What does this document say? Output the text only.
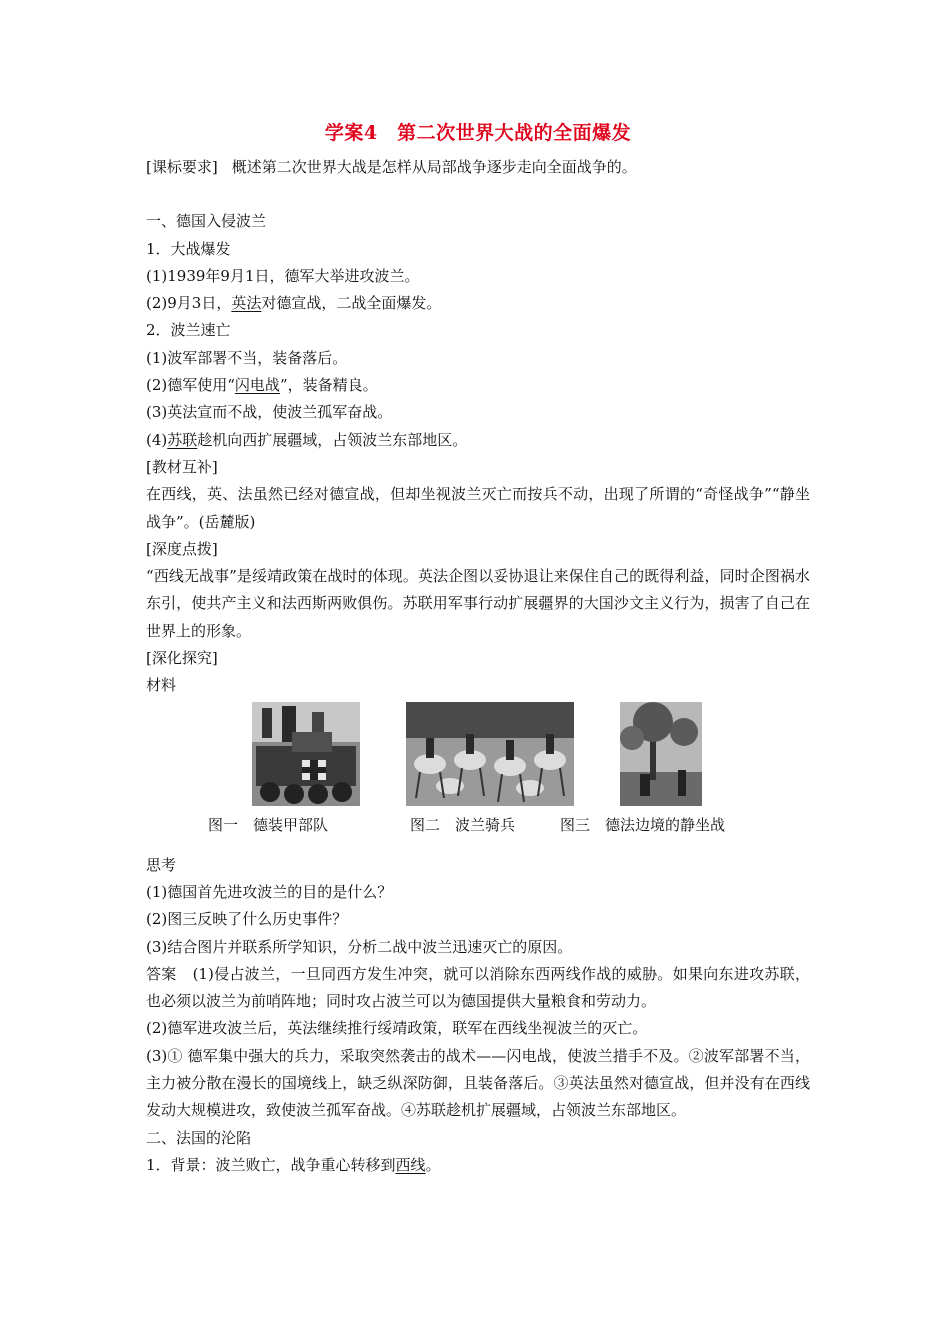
学案4　第二次世界大战的全面爆发
[课标要求] 概述第二次世界大战是怎样从局部战争逐步走向全面战争的。
一、德国入侵波兰
1．大战爆发
(1)1939年9月1日，德军大举进攻波兰。
(2)9月3日，英法对德宣战，二战全面爆发。
2．波兰速亡
(1)波军部署不当，装备落后。
(2)德军使用“闪电战”，装备精良。
(3)英法宣而不战，使波兰孤军奋战。
(4)苏联趁机向西扩展疆域，占领波兰东部地区。
[教材互补]
在西线，英、法虽然已经对德宣战，但却坐视波兰灭亡而按兵不动，出现了所谓的“奇怪战争”“静坐战争”。(岳麓版)
[深度点拨]
“西线无战事”是绥靖政策在战时的体现。英法企图以妥协退让来保住自己的既得利益，同时企图祸水东引，使共产主义和法西斯两败俱伤。苏联用军事行动扩展疆界的大国沙文主义行为，损害了自己在世界上的形象。
[深化探究]
材料
图一　德装甲部队	图二　波兰骑兵	图三　德法边境的静坐战
思考
(1)德国首先进攻波兰的目的是什么？
(2)图三反映了什么历史事件？
(3)结合图片并联系所学知识，分析二战中波兰迅速灭亡的原因。
答案 (1)侵占波兰，一旦同西方发生冲突，就可以消除东西两线作战的威胁。如果向东进攻苏联，也必须以波兰为前哨阵地；同时攻占波兰可以为德国提供大量粮食和劳动力。
(2)德军进攻波兰后，英法继续推行绥靖政策，联军在西线坐视波兰的灭亡。
(3)① 德军集中强大的兵力，采取突然袭击的战术——闪电战，使波兰措手不及。②波军部署不当，主力被分散在漫长的国境线上，缺乏纵深防御，且装备落后。③英法虽然对德宣战，但并没有在西线发动大规模进攻，致使波兰孤军奋战。④苏联趁机扩展疆域，占领波兰东部地区。
二、法国的沦陷
1．背景：波兰败亡，战争重心转移到西线。
